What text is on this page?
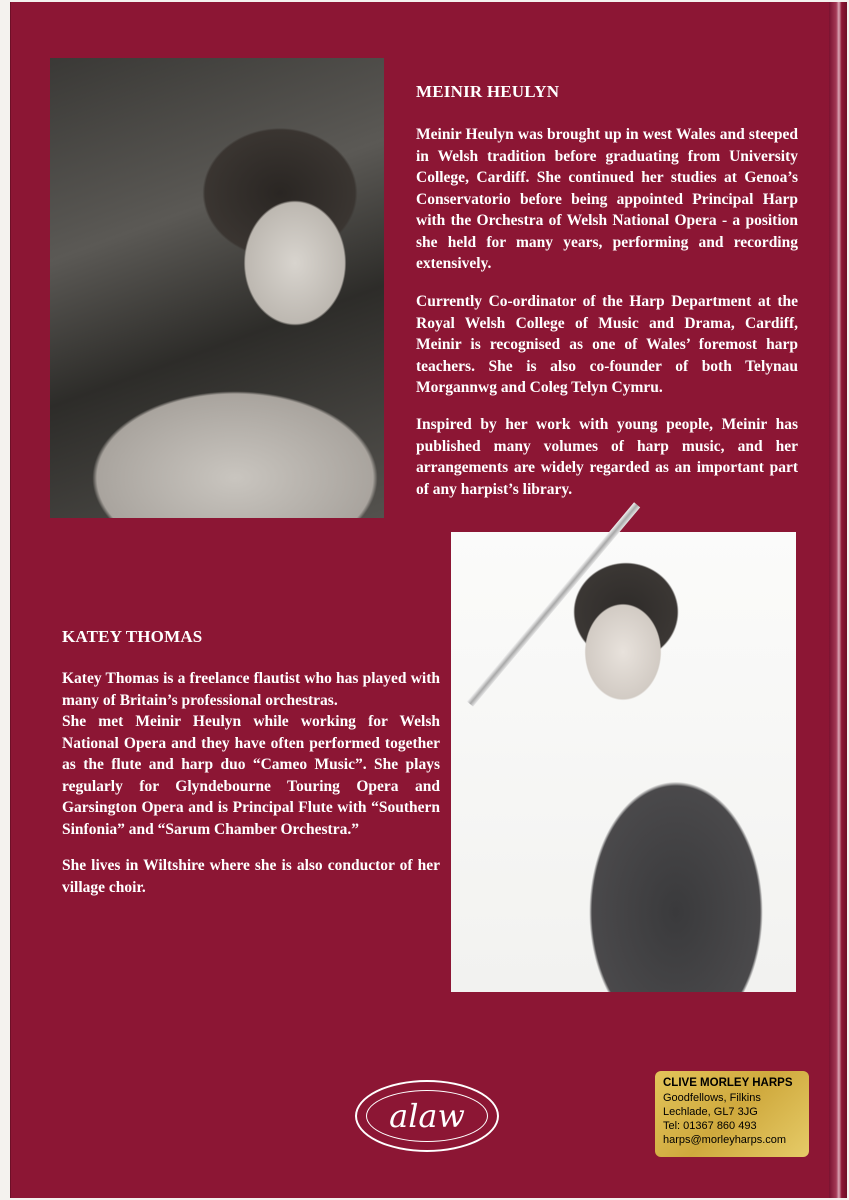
MEINIR HEULYN

Meinir Heulyn was brought up in west Wales and steeped in Welsh tradition before graduating from University College, Cardiff. She continued her studies at Genoa’s Conservatorio before being appointed Principal Harp with the Orchestra of Welsh National Opera - a position she held for many years, performing and recording extensively.

Currently Co-ordinator of the Harp Department at the Royal Welsh College of Music and Drama, Cardiff, Meinir is recognised as one of Wales’ foremost harp teachers. She is also co-founder of both Telynau Morgannwg and Coleg Telyn Cymru.

Inspired by her work with young people, Meinir has published many volumes of harp music, and her arrangements are widely regarded as an important part of any harpist’s library.

KATEY THOMAS

Katey Thomas is a freelance flautist who has played with many of Britain’s professional orchestras.

She met Meinir Heulyn while working for Welsh National Opera and they have often performed together as the flute and harp duo “Cameo Music”. She plays regularly for Glyndebourne Touring Opera and Garsington Opera and is Principal Flute with “Southern Sinfonia” and “Sarum Chamber Orchestra.”

She lives in Wiltshire where she is also conductor of her village choir.

alaw
CLIVE MORLEY HARPS
Goodfellows, Filkins
Lechlade, GL7 3JG
Tel: 01367 860 493
harps@morleyharps.com
